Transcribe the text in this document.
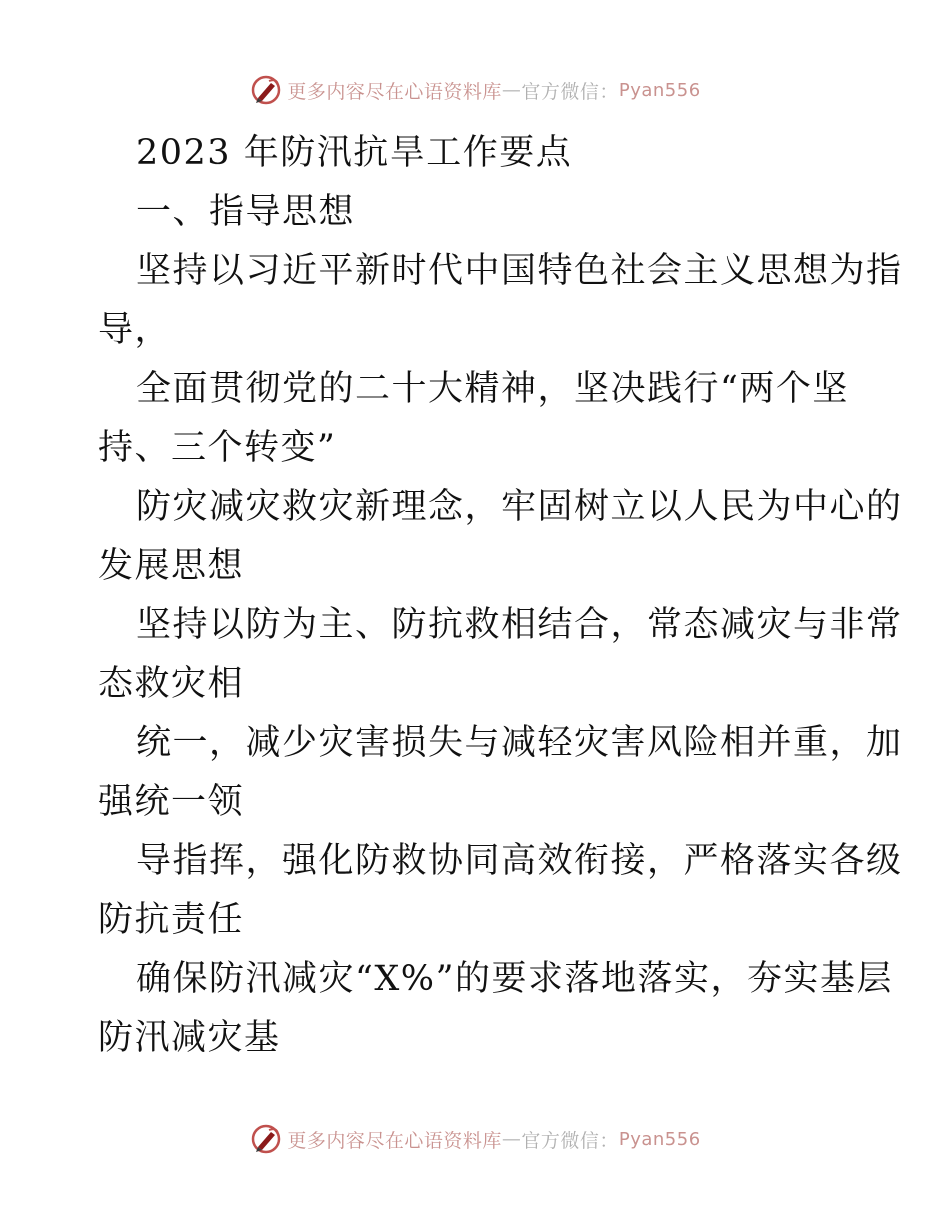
更多内容尽在心语资料库 — 官方微信： Pyan556
2023 年防汛抗旱工作要点
一、指导思想
坚持以习近平新时代中国特色社会主义思想为指
导，
全面贯彻党的二十大精神，坚决践行“两个坚
持、三个转变”
防灾减灾救灾新理念，牢固树立以人民为中心的
发展思想
坚持以防为主、防抗救相结合，常态减灾与非常
态救灾相
统一，减少灾害损失与减轻灾害风险相并重，加
强统一领
导指挥，强化防救协同高效衔接，严格落实各级
防抗责任
确保防汛减灾“X%”的要求落地落实，夯实基层
防汛减灾基
更多内容尽在心语资料库 — 官方微信： Pyan556
